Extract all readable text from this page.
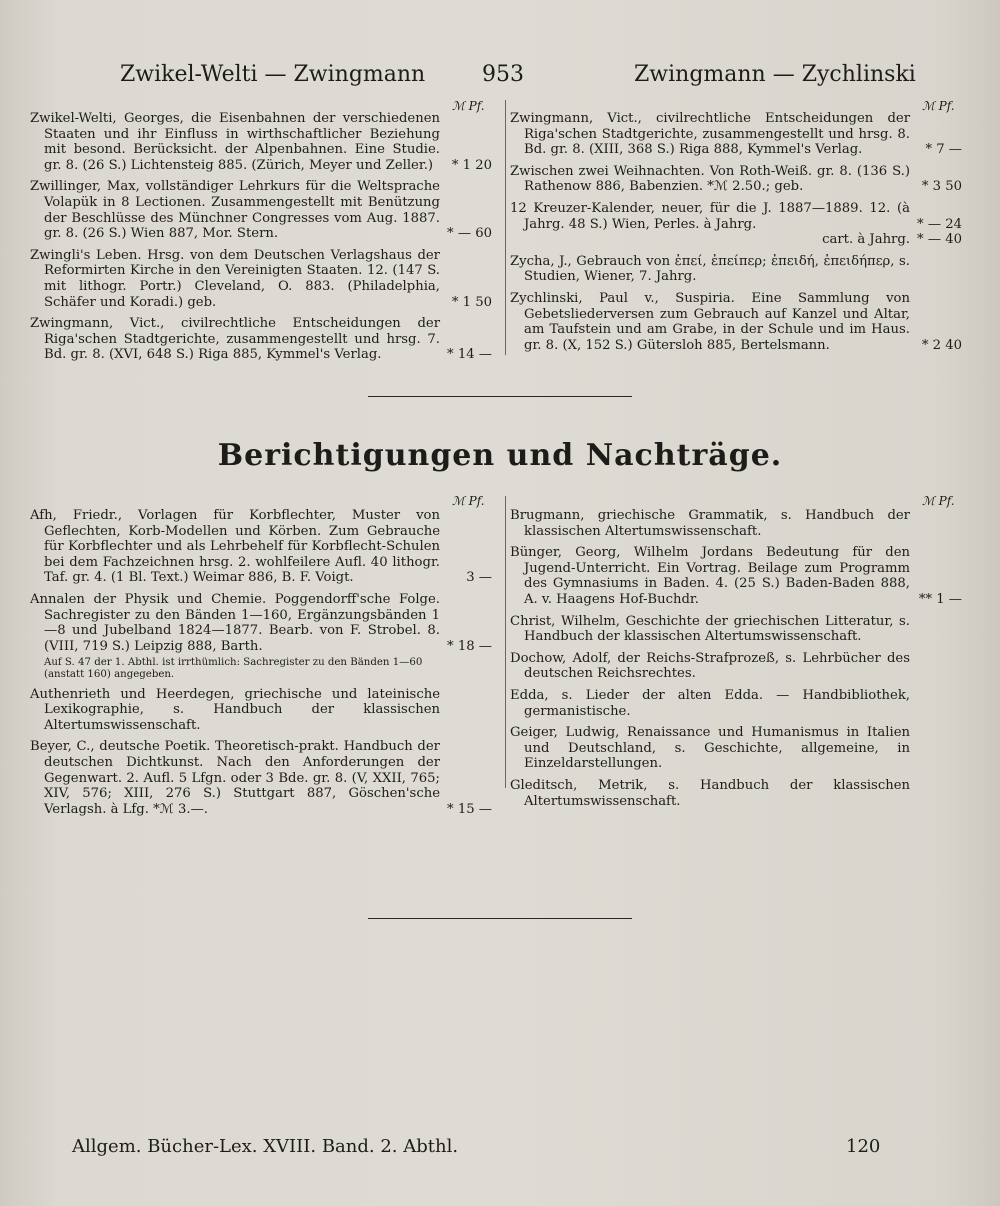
Zwikel-Welti — Zwingmann	953	Zwingmann — Zychlinski
ℳ Pf.	ℳ Pf.
Zwikel-Welti, Georges, die Eisenbahnen der verschiedenen Staaten und ihr Einfluss in wirthschaftlicher Beziehung mit besond. Berücksicht. der Alpenbahnen. Eine Studie. gr. 8. (26 S.) Lichtensteig 885. (Zürich, Meyer und Zeller.)	* 1 20
Zwillinger, Max, vollständiger Lehrkurs für die Weltsprache Volapük in 8 Lectionen. Zusammengestellt mit Benützung der Beschlüsse des Münchner Congresses vom Aug. 1887. gr. 8. (26 S.) Wien 887, Mor. Stern.	* — 60
Zwingli's Leben. Hrsg. von dem Deutschen Verlagshaus der Reformirten Kirche in den Vereinigten Staaten. 12. (147 S. mit lithogr. Portr.) Cleveland, O. 883. (Philadelphia, Schäfer und Koradi.) geb.	* 1 50
Zwingmann, Vict., civilrechtliche Entscheidungen der Riga'schen Stadtgerichte, zusammengestellt und hrsg. 7. Bd. gr. 8. (XVI, 648 S.) Riga 885, Kymmel's Verlag.	* 14 —
Zwingmann, Vict., civilrechtliche Entscheidungen der Riga'schen Stadtgerichte, zusammengestellt und hrsg. 8. Bd. gr. 8. (XIII, 368 S.) Riga 888, Kymmel's Verlag.	* 7 —
Zwischen zwei Weihnachten. Von Roth-Weiß. gr. 8. (136 S.) Rathenow 886, Babenzien. *ℳ 2.50.; geb.	* 3 50
12 Kreuzer-Kalender, neuer, für die J. 1887—1889. 12. (à Jahrg. 48 S.) Wien, Perles. à Jahrg.	* — 24
cart. à Jahrg. * — 40
Zycha, J., Gebrauch von ἐπεί, ἐπείπερ; ἐπειδή, ἐπειδήπερ, s. Studien, Wiener, 7. Jahrg.
Zychlinski, Paul v., Suspiria. Eine Sammlung von Gebetsliederversen zum Gebrauch auf Kanzel und Altar, am Taufstein und am Grabe, in der Schule und im Haus. gr. 8. (X, 152 S.) Gütersloh 885, Bertelsmann.	* 2 40
Berichtigungen und Nachträge.
ℳ Pf.	ℳ Pf.
Afh, Friedr., Vorlagen für Korbflechter, Muster von Geflechten, Korb-Modellen und Körben. Zum Gebrauche für Korbflechter und als Lehrbehelf für Korbflecht-Schulen bei dem Fachzeichnen hrsg. 2. wohlfeilere Aufl. 40 lithogr. Taf. gr. 4. (1 Bl. Text.) Weimar 886, B. F. Voigt.	3 —
Annalen der Physik und Chemie. Poggendorff'sche Folge. Sachregister zu den Bänden 1—160, Ergänzungsbänden 1—8 und Jubelband 1824—1877. Bearb. von F. Strobel. 8. (VIII, 719 S.) Leipzig 888, Barth.	* 18 —
Auf S. 47 der 1. Abthl. ist irrthümlich: Sachregister zu den Bänden 1—60 (anstatt 160) angegeben.
Authenrieth und Heerdegen, griechische und lateinische Lexikographie, s. Handbuch der klassischen Altertumswissenschaft.
Beyer, C., deutsche Poetik. Theoretisch-prakt. Handbuch der deutschen Dichtkunst. Nach den Anforderungen der Gegenwart. 2. Aufl. 5 Lfgn. oder 3 Bde. gr. 8. (V, XXII, 765; XIV, 576; XIII, 276 S.) Stuttgart 887, Göschen'sche Verlagsh. à Lfg. *ℳ 3.—.	* 15 —
Brugmann, griechische Grammatik, s. Handbuch der klassischen Altertumswissenschaft.
Bünger, Georg, Wilhelm Jordans Bedeutung für den Jugend-Unterricht. Ein Vortrag. Beilage zum Programm des Gymnasiums in Baden. 4. (25 S.) Baden-Baden 888, A. v. Haagens Hof-Buchdr.	** 1 —
Christ, Wilhelm, Geschichte der griechischen Litteratur, s. Handbuch der klassischen Altertumswissenschaft.
Dochow, Adolf, der Reichs-Strafprozeß, s. Lehrbücher des deutschen Reichsrechtes.
Edda, s. Lieder der alten Edda. — Handbibliothek, germanistische.
Geiger, Ludwig, Renaissance und Humanismus in Italien und Deutschland, s. Geschichte, allgemeine, in Einzeldarstellungen.
Gleditsch, Metrik, s. Handbuch der klassischen Altertumswissenschaft.
Allgem. Bücher-Lex. XVIII. Band. 2. Abthl.	120
